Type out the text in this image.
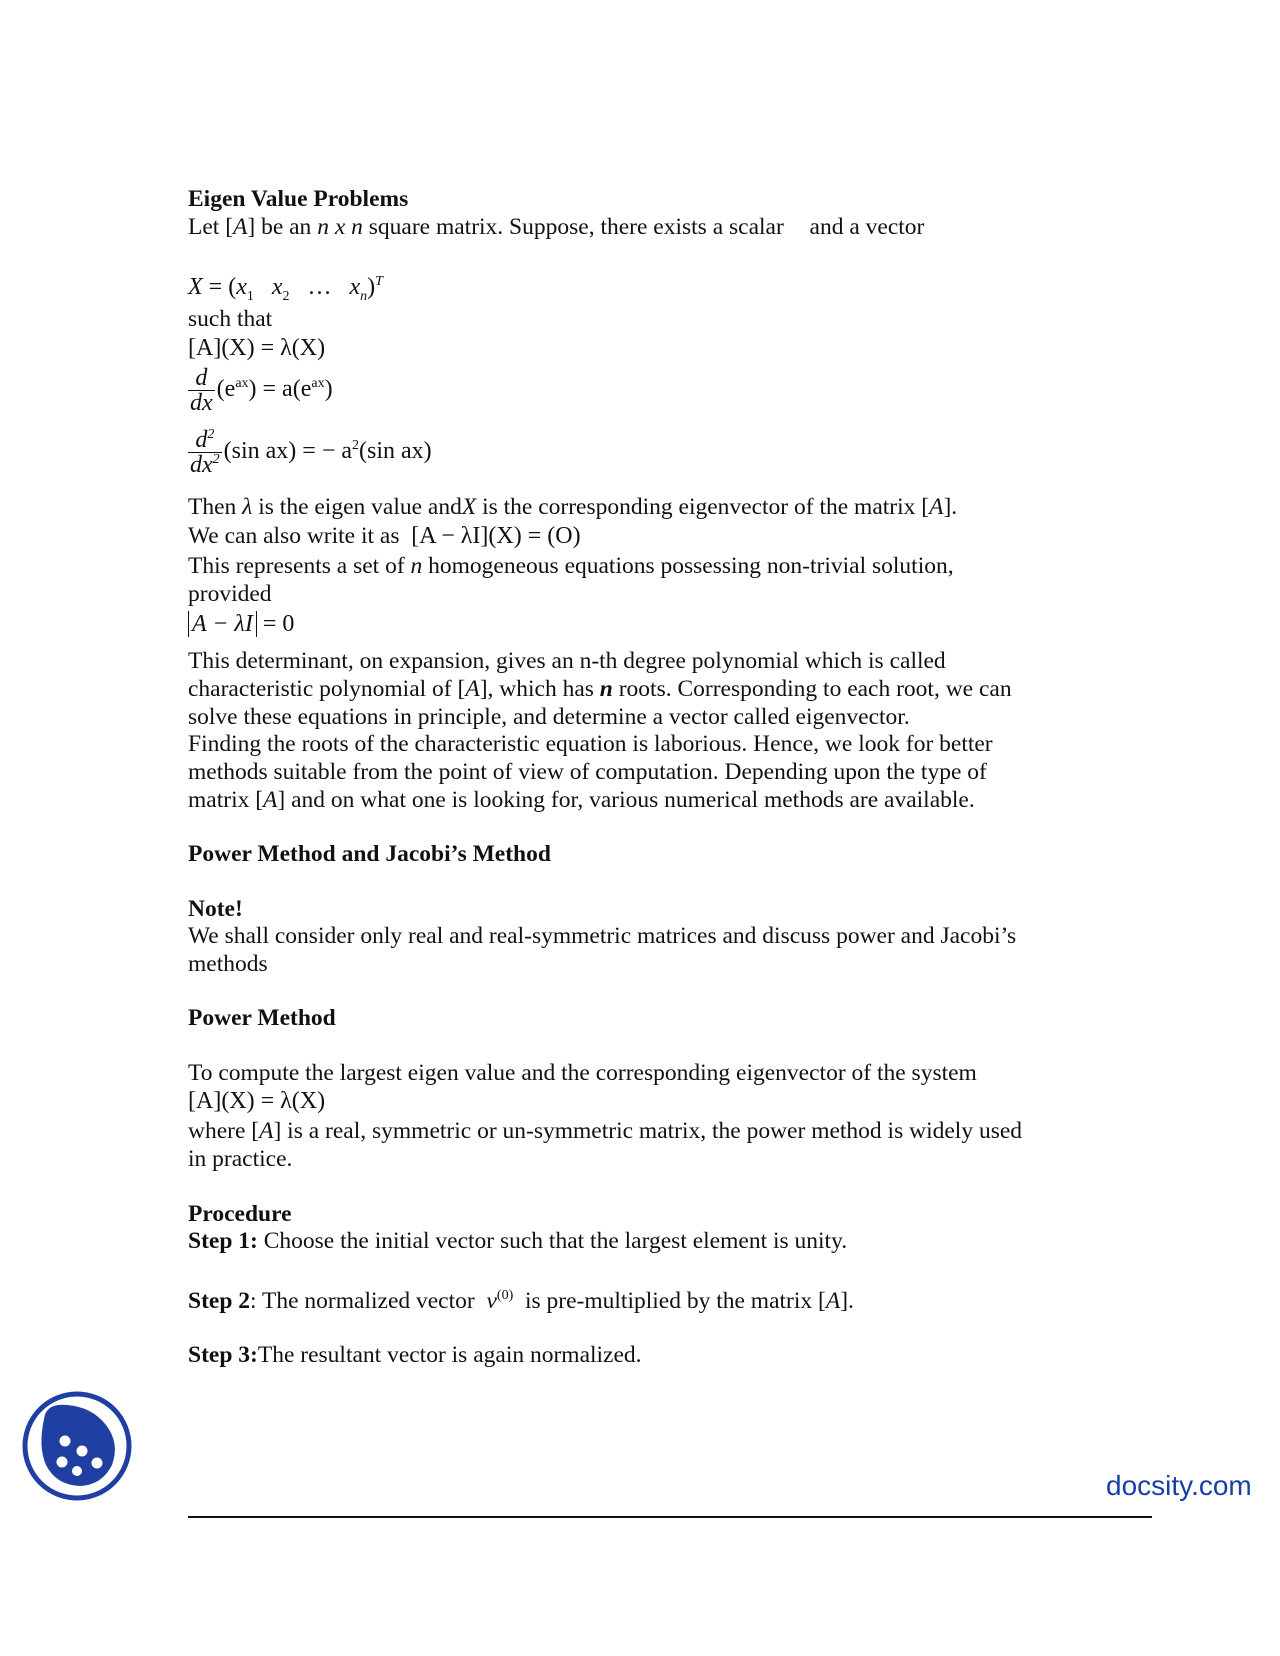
Eigen Value Problems
Let [A] be an n x n square matrix. Suppose, there exists a scalar and a vector
$X = (x_1$ $x_2$ … $x_n)^T$
such that
[A](X) = λ(X)
$\frac{d}{dx} (e^{ax}) = a(e^{ax})$
$\frac{d^2}{dx^2} (\sin$ ax) = − $a^2(\sin$ ax)
Then λ is the eigen value andX is the corresponding eigenvector of the matrix [A].
We can also write it as [A − λI](X) = (O)
This represents a set of n homogeneous equations possessing non-trivial solution,
provided
A − λI = 0
This determinant, on expansion, gives an n-th degree polynomial which is called
characteristic polynomial of [A], which has n roots. Corresponding to each root, we can
solve these equations in principle, and determine a vector called eigenvector.
Finding the roots of the characteristic equation is laborious. Hence, we look for better
methods suitable from the point of view of computation. Depending upon the type of
matrix [A] and on what one is looking for, various numerical methods are available.
Power Method and Jacobi’s Method
Note!
We shall consider only real and real-symmetric matrices and discuss power and Jacobi’s
methods
Power Method
To compute the largest eigen value and the corresponding eigenvector of the system
[A](X) = λ(X)
where [A] is a real, symmetric or un-symmetric matrix, the power method is widely used
in practice.
Procedure
Step 1: Choose the initial vector such that the largest element is unity.
Step 2: The normalized vector $v^{(0)}$ is pre-multiplied by the matrix [A].
Step 3:The resultant vector is again normalized.
docsity.com
